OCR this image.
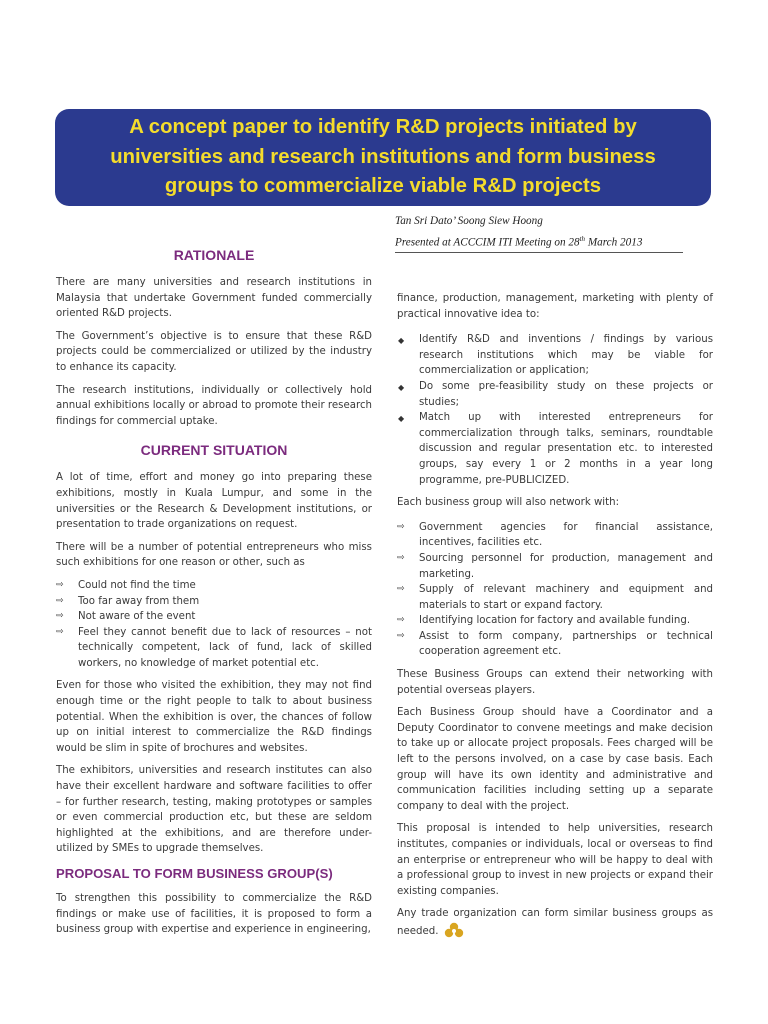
A concept paper to identify R&D projects initiated by
universities and research institutions and form business
groups to commercialize viable R&D projects
Tan Sri Dato’ Soong Siew Hoong
Presented at ACCCIM ITI Meeting on 28th March 2013
RATIONALE

There are many universities and research institutions in Malaysia that undertake Government funded commercially oriented R&D projects.

The Government’s objective is to ensure that these R&D projects could be commercialized or utilized by the industry to enhance its capacity.

The research institutions, individually or collectively hold annual exhibitions locally or abroad to promote their research findings for commercial uptake.

CURRENT SITUATION

A lot of time, effort and money go into preparing these exhibitions, mostly in Kuala Lumpur, and some in the universities or the Research & Development institutions, or presentation to trade organizations on request.

There will be a number of potential entrepreneurs who miss such exhibitions for one reason or other, such as

⇨ Could not find the time
⇨ Too far away from them
⇨ Not aware of the event
⇨ Feel they cannot benefit due to lack of resources – not technically competent, lack of fund, lack of skilled workers, no knowledge of market potential etc.

Even for those who visited the exhibition, they may not find enough time or the right people to talk to about business potential. When the exhibition is over, the chances of follow up on initial interest to commercialize the R&D findings would be slim in spite of brochures and websites.

The exhibitors, universities and research institutes can also have their excellent hardware and software facilities to offer – for further research, testing, making prototypes or samples or even commercial production etc, but these are seldom highlighted at the exhibitions, and are therefore under-utilized by SMEs to upgrade themselves.

PROPOSAL TO FORM BUSINESS GROUP(S)

To strengthen this possibility to commercialize the R&D findings or make use of facilities, it is proposed to form a business group with expertise and experience in engineering,

finance, production, management, marketing with plenty of practical innovative idea to:

◆ Identify R&D and inventions / findings by various research institutions which may be viable for commercialization or application;
◆ Do some pre-feasibility study on these projects or studies;
◆ Match up with interested entrepreneurs for commercialization through talks, seminars, roundtable discussion and regular presentation etc. to interested groups, say every 1 or 2 months in a year long programme, pre-PUBLICIZED.

Each business group will also network with:

⇨ Government agencies for financial assistance, incentives, facilities etc.
⇨ Sourcing personnel for production, management and marketing.
⇨ Supply of relevant machinery and equipment and materials to start or expand factory.
⇨ Identifying location for factory and available funding.
⇨ Assist to form company, partnerships or technical cooperation agreement etc.

These Business Groups can extend their networking with potential overseas players.

Each Business Group should have a Coordinator and a Deputy Coordinator to convene meetings and make decision to take up or allocate project proposals. Fees charged will be left to the persons involved, on a case by case basis. Each group will have its own identity and administrative and communication facilities including setting up a separate company to deal with the project.

This proposal is intended to help universities, research institutes, companies or individuals, local or overseas to find an enterprise or entrepreneur who will be happy to deal with a professional group to invest in new projects or expand their existing companies.

Any trade organization can form similar business groups as needed.
